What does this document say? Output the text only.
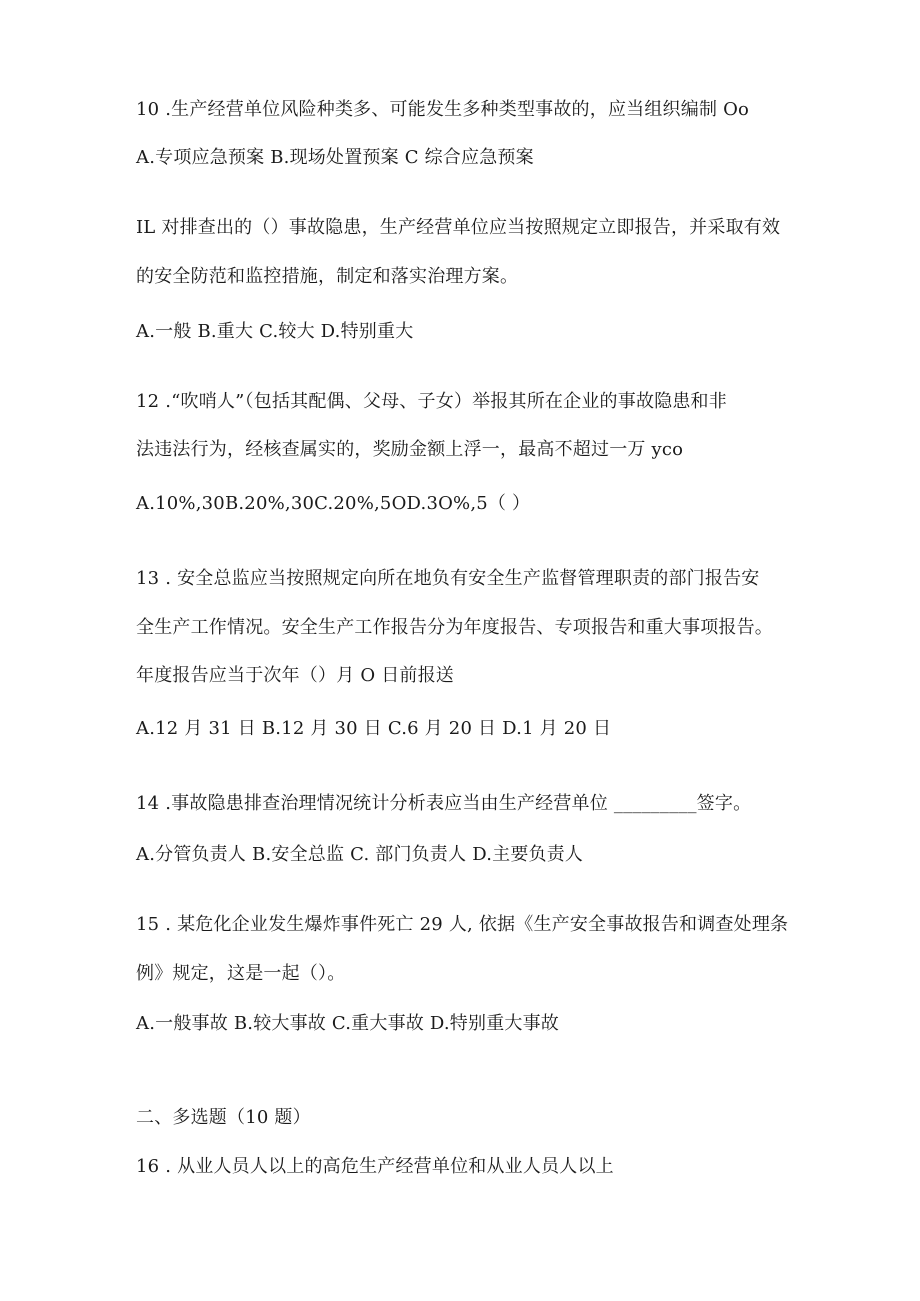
10 .生产经营单位风险种类多、可能发生多种类型事故的，应当组织编制 Oo
A.专项应急预案 B.现场处置预案 C 综合应急预案
IL 对排查出的（）事故隐患，生产经营单位应当按照规定立即报告，并采取有效
的安全防范和监控措施，制定和落实治理方案。
A.一般 B.重大 C.较大 D.特别重大
12 .“吹哨人”（包括其配偶、父母、子女）举报其所在企业的事故隐患和非
法违法行为，经核查属实的，奖励金额上浮一，最高不超过一万 yco
A.10%,30B.20%,30C.20%,5OD.3O%,5（ ）
13 . 安全总监应当按照规定向所在地负有安全生产监督管理职责的部门报告安
全生产工作情况。安全生产工作报告分为年度报告、专项报告和重大事项报告。
年度报告应当于次年（）月 O 日前报送
A.12 月 31 日 B.12 月 30 日 C.6 月 20 日 D.1 月 20 日
14 .事故隐患排查治理情况统计分析表应当由生产经营单位 _________签字。
A.分管负责人 B.安全总监 C. 部门负责人 D.主要负责人
15 . 某危化企业发生爆炸事件死亡 29 人, 依据《生产安全事故报告和调查处理条
例》规定，这是一起（）。
A.一般事故 B.较大事故 C.重大事故 D.特别重大事故
二、多选题（10 题）
16 . 从业人员人以上的高危生产经营单位和从业人员人以上
